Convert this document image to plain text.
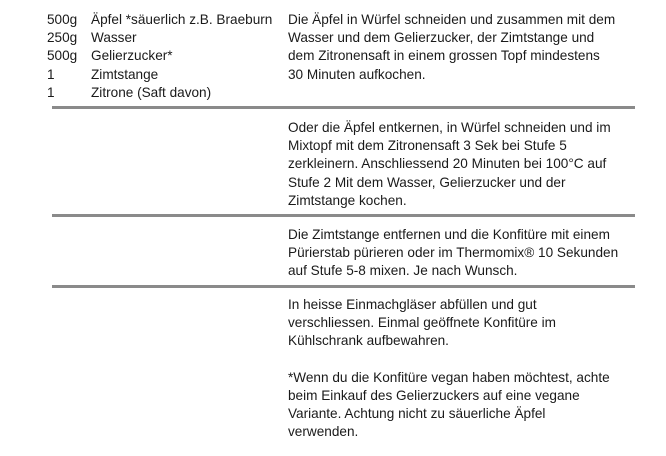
500g	Äpfel *säuerlich z.B. Braeburn
250g	Wasser
500g	Gelierzucker*
1	Zimtstange
1	Zitrone (Saft davon)
Die Äpfel in Würfel schneiden und zusammen mit dem
Wasser und dem Gelierzucker, der Zimtstange und
dem Zitronensaft in einem grossen Topf mindestens
30 Minuten aufkochen.
Oder die Äpfel entkernen, in Würfel schneiden und im
Mixtopf mit dem Zitronensaft 3 Sek bei Stufe 5
zerkleinern. Anschliessend 20 Minuten bei 100°C auf
Stufe 2 Mit dem Wasser, Gelierzucker und der
Zimtstange kochen.
Die Zimtstange entfernen und die Konfitüre mit einem
Pürierstab pürieren oder im Thermomix® 10 Sekunden
auf Stufe 5-8 mixen. Je nach Wunsch.
In heisse Einmachgläser abfüllen und gut
verschliessen. Einmal geöffnete Konfitüre im
Kühlschrank aufbewahren.

*Wenn du die Konfitüre vegan haben möchtest, achte
beim Einkauf des Gelierzuckers auf eine vegane
Variante. Achtung nicht zu säuerliche Äpfel
verwenden.
